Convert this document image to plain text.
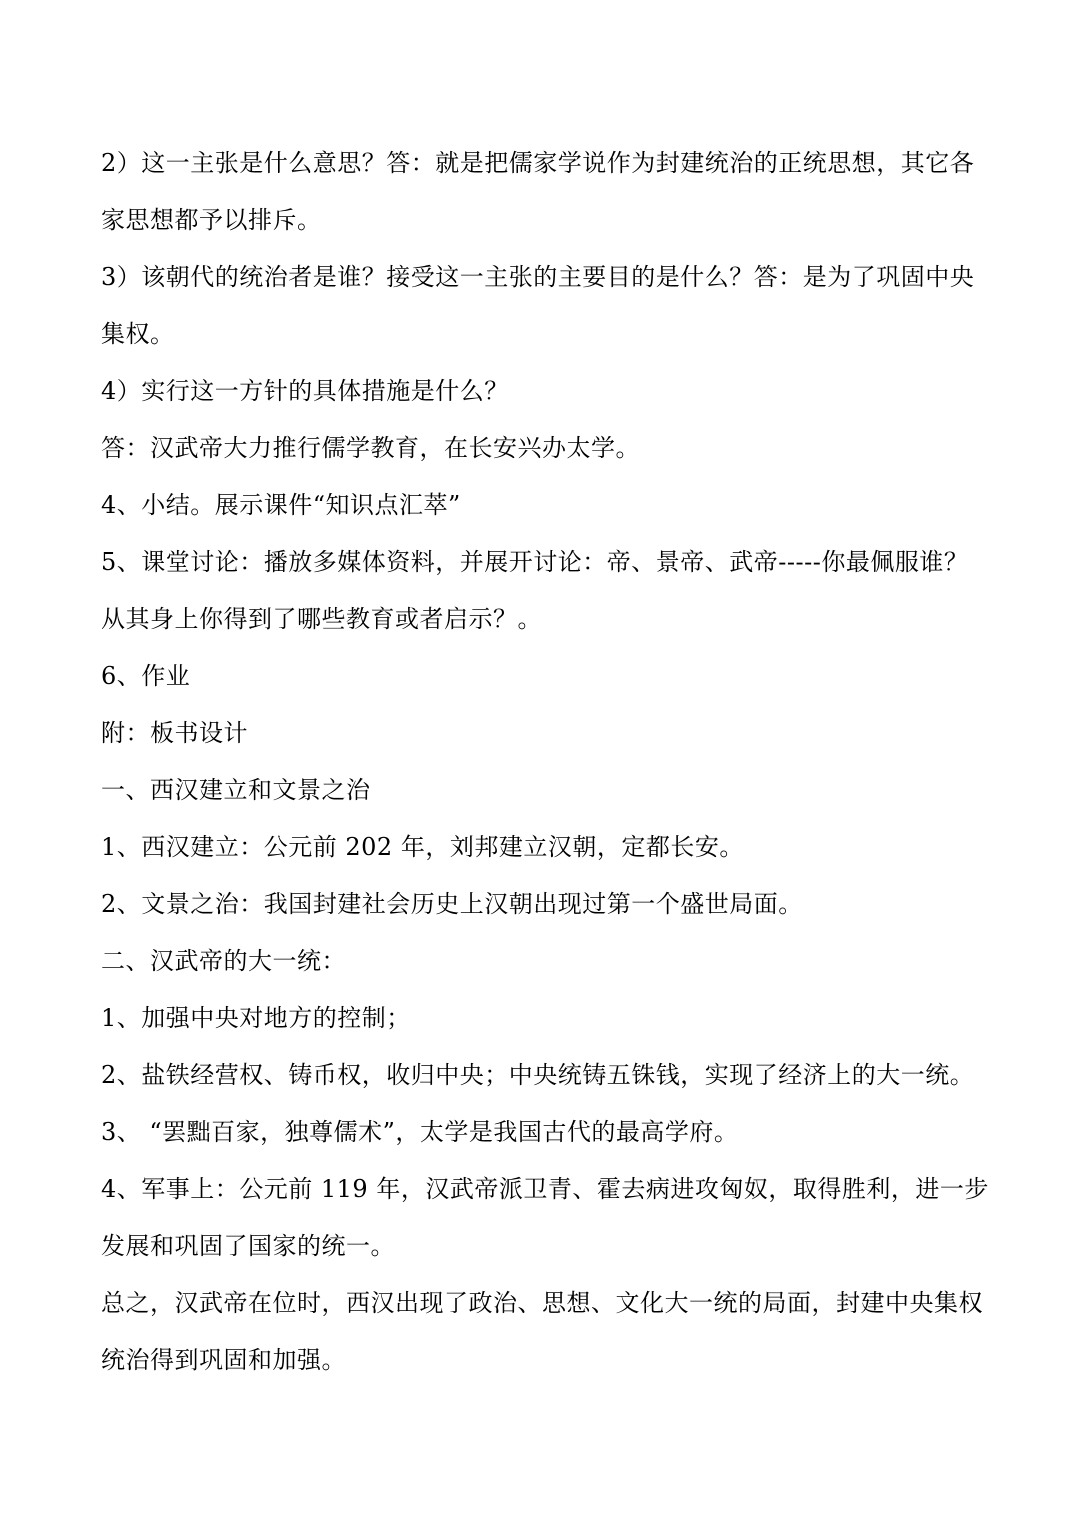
2）这一主张是什么意思？答：就是把儒家学说作为封建统治的正统思想，其它各
家思想都予以排斥。
3）该朝代的统治者是谁？接受这一主张的主要目的是什么？答：是为了巩固中央
集权。
4）实行这一方针的具体措施是什么？
答：汉武帝大力推行儒学教育，在长安兴办太学。
4、小结。展示课件“知识点汇萃”
5、课堂讨论：播放多媒体资料，并展开讨论：帝、景帝、武帝-----你最佩服谁？
从其身上你得到了哪些教育或者启示？。
6、作业
附：板书设计
一、西汉建立和文景之治
1、西汉建立：公元前 202 年，刘邦建立汉朝，定都长安。
2、文景之治：我国封建社会历史上汉朝出现过第一个盛世局面。
二、汉武帝的大一统：
1、加强中央对地方的控制；
2、盐铁经营权、铸币权，收归中央；中央统铸五铢钱，实现了经济上的大一统。
3、 “罢黜百家，独尊儒术”，太学是我国古代的最高学府。
4、军事上：公元前 119 年，汉武帝派卫青、霍去病进攻匈奴，取得胜利，进一步
发展和巩固了国家的统一。
总之，汉武帝在位时，西汉出现了政治、思想、文化大一统的局面，封建中央集权
统治得到巩固和加强。
